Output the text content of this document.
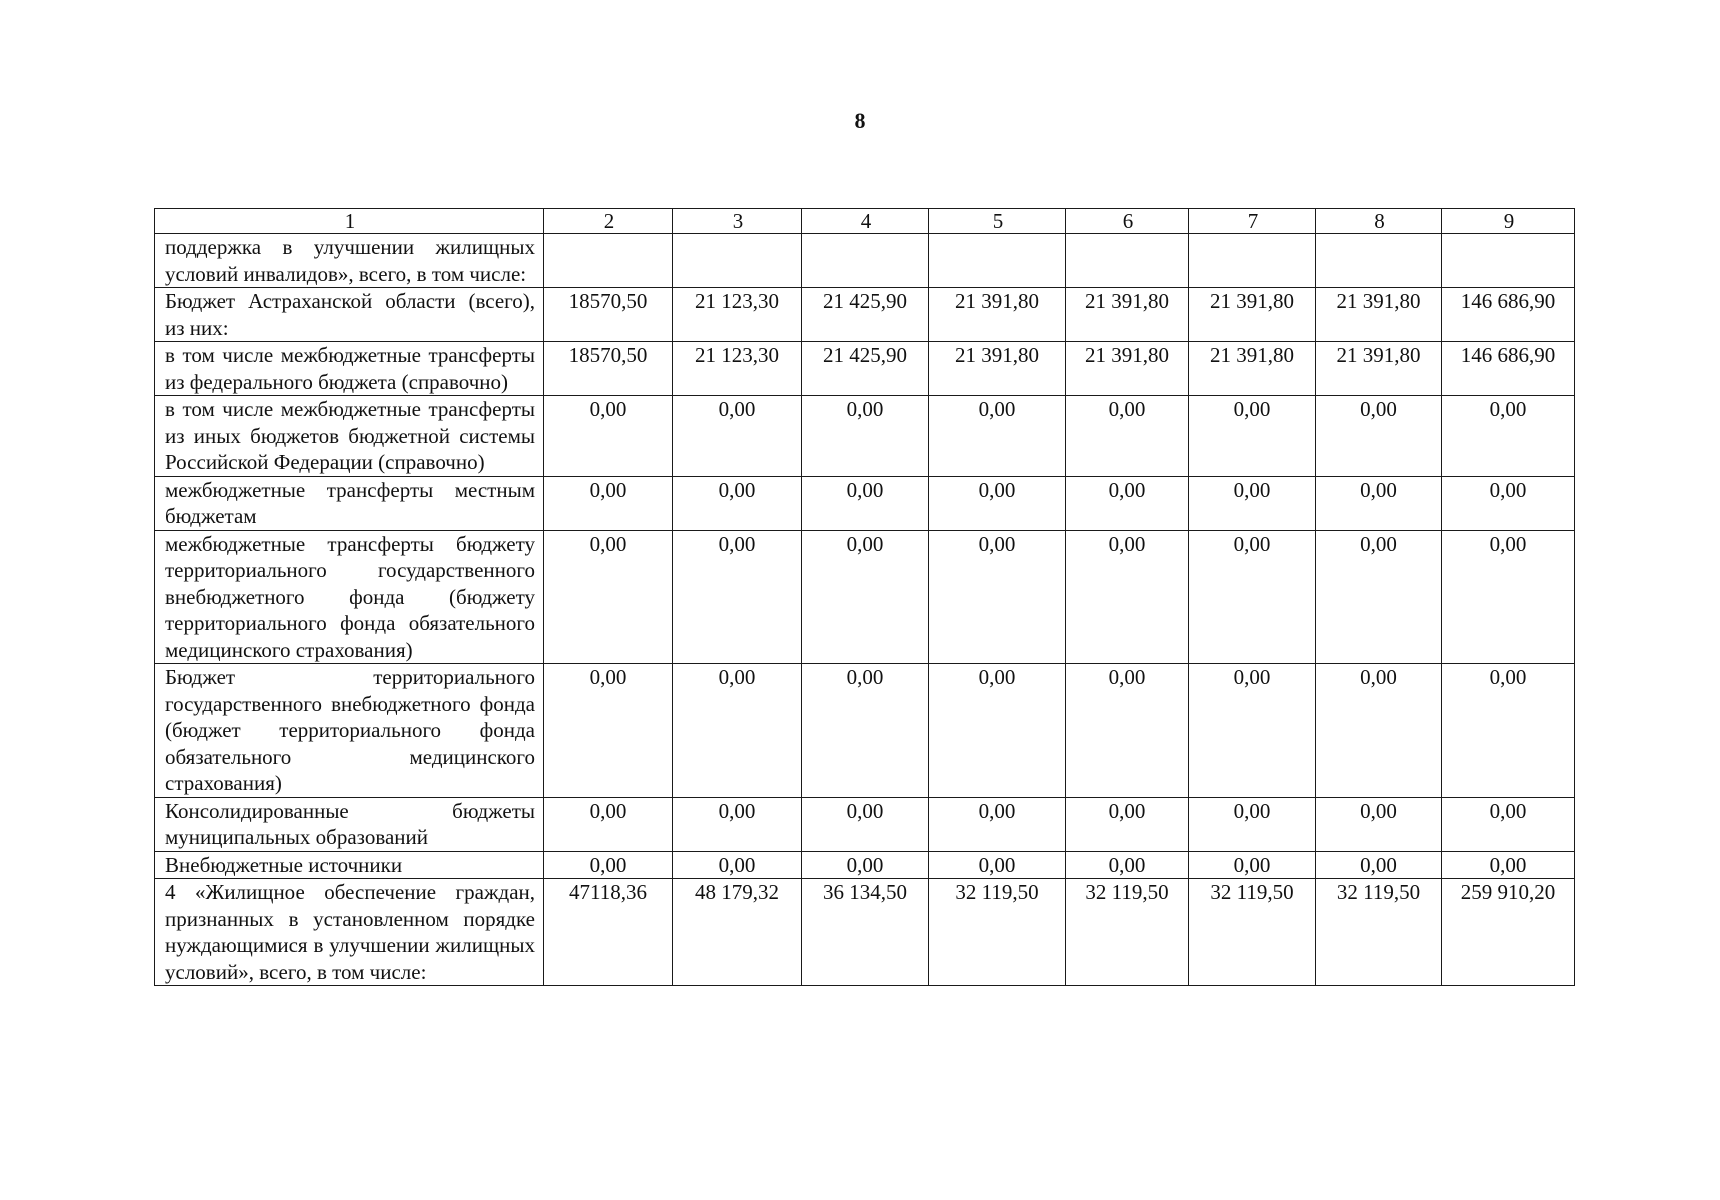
8
1	2	3	4	5	6	7	8	9
поддержка в улучшении жилищных условий инвалидов», всего, в том числе:								
Бюджет Астраханской области (всего), из них:	18570,50	21 123,30	21 425,90	21 391,80	21 391,80	21 391,80	21 391,80	146 686,90
в том числе межбюджетные трансферты из федерального бюджета (справочно)	18570,50	21 123,30	21 425,90	21 391,80	21 391,80	21 391,80	21 391,80	146 686,90
в том числе межбюджетные трансферты из иных бюджетов бюджетной системы Российской Федерации (справочно)	0,00	0,00	0,00	0,00	0,00	0,00	0,00	0,00
межбюджетные трансферты местным бюджетам	0,00	0,00	0,00	0,00	0,00	0,00	0,00	0,00
межбюджетные трансферты бюджету территориального государственного внебюджетного фонда (бюджету территориального фонда обязательного медицинского страхования)	0,00	0,00	0,00	0,00	0,00	0,00	0,00	0,00
Бюджет территориального государственного внебюджетного фонда (бюджет территориального фонда обязательного медицинского страхования)	0,00	0,00	0,00	0,00	0,00	0,00	0,00	0,00
Консолидированные бюджеты муниципальных образований	0,00	0,00	0,00	0,00	0,00	0,00	0,00	0,00
Внебюджетные источники	0,00	0,00	0,00	0,00	0,00	0,00	0,00	0,00
4 «Жилищное обеспечение граждан, признанных в установленном порядке нуждающимися в улучшении жилищных условий», всего, в том числе:	47118,36	48 179,32	36 134,50	32 119,50	32 119,50	32 119,50	32 119,50	259 910,20
